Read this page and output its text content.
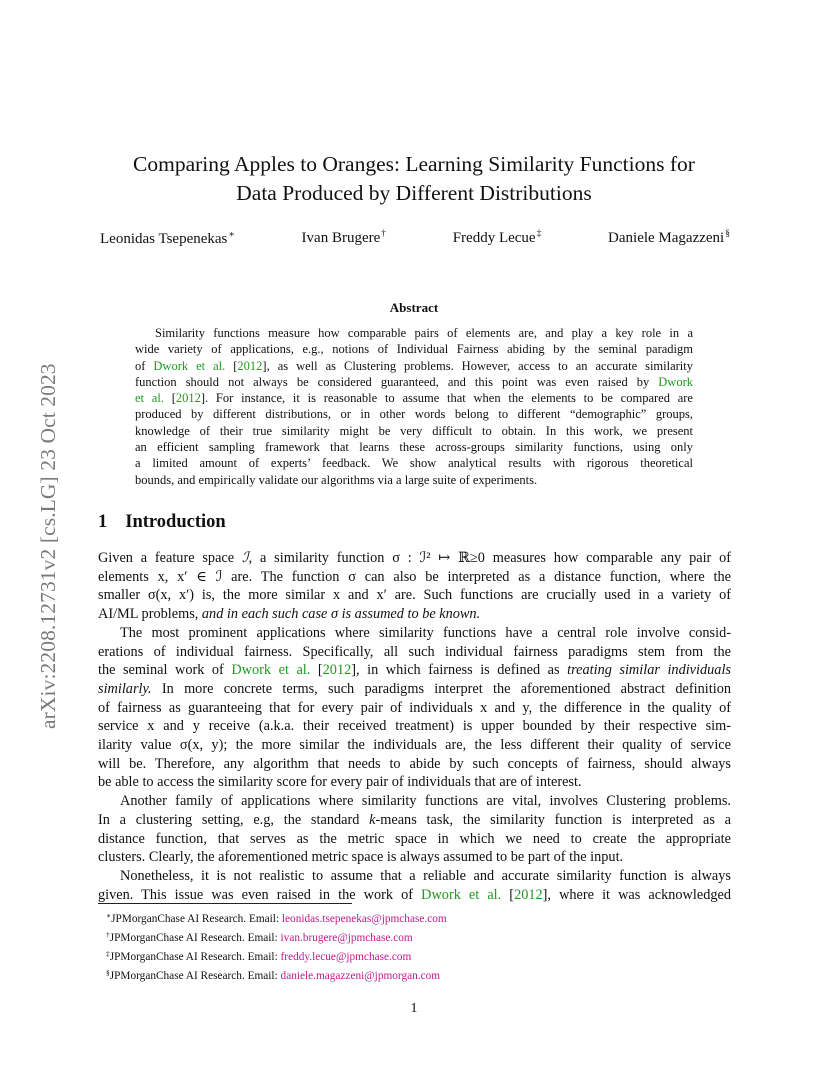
arXiv:2208.12731v2 [cs.LG] 23 Oct 2023
Comparing Apples to Oranges: Learning Similarity Functions for
Data Produced by Different Distributions
Leonidas Tsepenekas∗	Ivan Brugere†	Freddy Lecue‡	Daniele Magazzeni§
Abstract
Similarity functions measure how comparable pairs of elements are, and play a key role in a
wide variety of applications, e.g., notions of Individual Fairness abiding by the seminal paradigm
of Dwork et al. [2012], as well as Clustering problems. However, access to an accurate similarity
function should not always be considered guaranteed, and this point was even raised by Dwork
et al. [2012]. For instance, it is reasonable to assume that when the elements to be compared are
produced by different distributions, or in other words belong to different “demographic” groups,
knowledge of their true similarity might be very difficult to obtain. In this work, we present
an efficient sampling framework that learns these across-groups similarity functions, using only
a limited amount of experts’ feedback. We show analytical results with rigorous theoretical
bounds, and empirically validate our algorithms via a large suite of experiments.
1 Introduction
Given a feature space ℐ, a similarity function σ : ℐ² ↦ ℝ≥0 measures how comparable any pair of
elements x, x′ ∈ ℐ are. The function σ can also be interpreted as a distance function, where the
smaller σ(x, x′) is, the more similar x and x′ are. Such functions are crucially used in a variety of
AI/ML problems, and in each such case σ is assumed to be known.
The most prominent applications where similarity functions have a central role involve consid-
erations of individual fairness. Specifically, all such individual fairness paradigms stem from the
the seminal work of Dwork et al. [2012], in which fairness is defined as treating similar individuals
similarly. In more concrete terms, such paradigms interpret the aforementioned abstract definition
of fairness as guaranteeing that for every pair of individuals x and y, the difference in the quality of
service x and y receive (a.k.a. their received treatment) is upper bounded by their respective sim-
ilarity value σ(x, y); the more similar the individuals are, the less different their quality of service
will be. Therefore, any algorithm that needs to abide by such concepts of fairness, should always
be able to access the similarity score for every pair of individuals that are of interest.
Another family of applications where similarity functions are vital, involves Clustering problems.
In a clustering setting, e.g, the standard k-means task, the similarity function is interpreted as a
distance function, that serves as the metric space in which we need to create the appropriate
clusters. Clearly, the aforementioned metric space is always assumed to be part of the input.
Nonetheless, it is not realistic to assume that a reliable and accurate similarity function is always
given. This issue was even raised in the work of Dwork et al. [2012], where it was acknowledged
∗JPMorganChase AI Research. Email: leonidas.tsepenekas@jpmchase.com
†JPMorganChase AI Research. Email: ivan.brugere@jpmchase.com
‡JPMorganChase AI Research. Email: freddy.lecue@jpmchase.com
§JPMorganChase AI Research. Email: daniele.magazzeni@jpmorgan.com
1
